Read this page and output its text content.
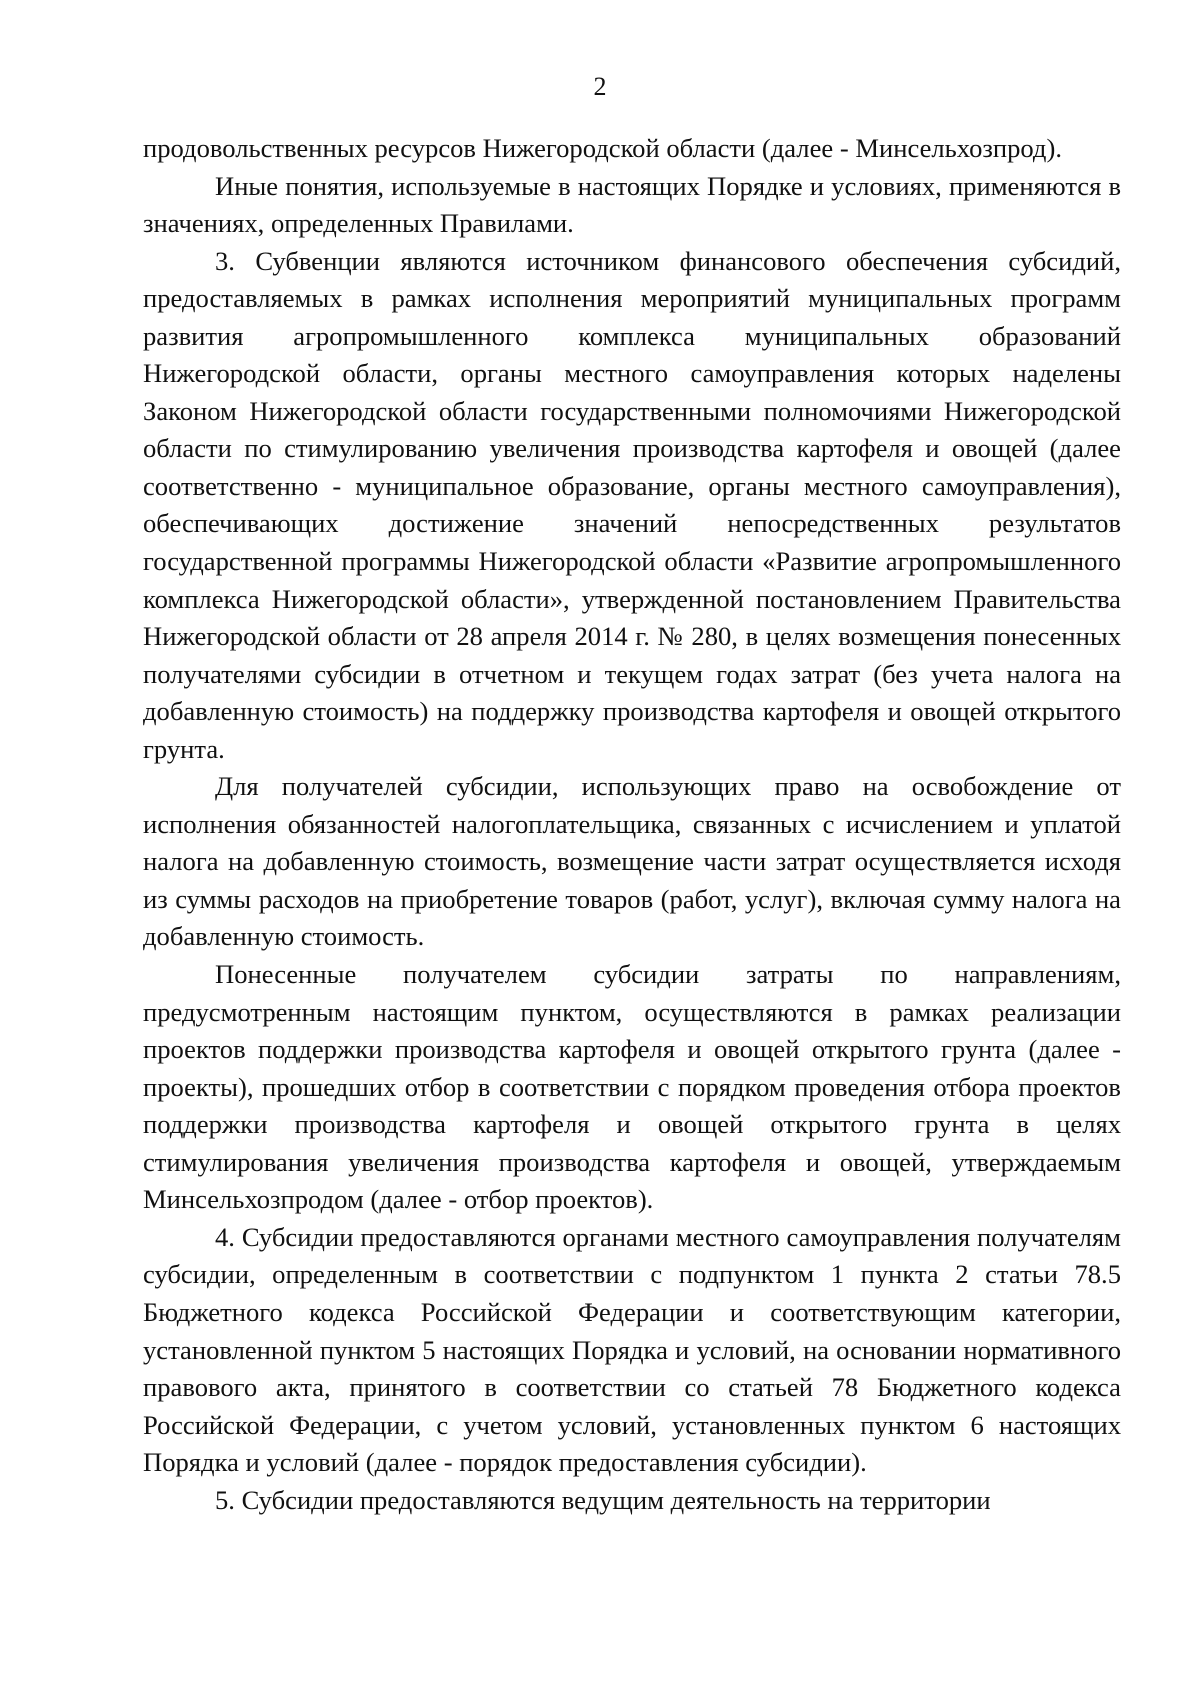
2

продовольственных ресурсов Нижегородской области (далее - Минсельхозпрод).

Иные понятия, используемые в настоящих Порядке и условиях, применяются в значениях, определенных Правилами.

3. Субвенции являются источником финансового обеспечения субсидий, предоставляемых в рамках исполнения мероприятий муниципальных программ развития агропромышленного комплекса муниципальных образований Нижегородской области, органы местного самоуправления которых наделены Законом Нижегородской области государственными полномочиями Нижегородской области по стимулированию увеличения производства картофеля и овощей (далее соответственно - муниципальное образование, органы местного самоуправления), обеспечивающих достижение значений непосредственных результатов государственной программы Нижегородской области «Развитие агропромышленного комплекса Нижегородской области», утвержденной постановлением Правительства Нижегородской области от 28 апреля 2014 г. № 280, в целях возмещения понесенных получателями субсидии в отчетном и текущем годах затрат (без учета налога на добавленную стоимость) на поддержку производства картофеля и овощей открытого грунта.

Для получателей субсидии, использующих право на освобождение от исполнения обязанностей налогоплательщика, связанных с исчислением и уплатой налога на добавленную стоимость, возмещение части затрат осуществляется исходя из суммы расходов на приобретение товаров (работ, услуг), включая сумму налога на добавленную стоимость.

Понесенные получателем субсидии затраты по направлениям, предусмотренным настоящим пунктом, осуществляются в рамках реализации проектов поддержки производства картофеля и овощей открытого грунта (далее - проекты), прошедших отбор в соответствии с порядком проведения отбора проектов поддержки производства картофеля и овощей открытого грунта в целях стимулирования увеличения производства картофеля и овощей, утверждаемым Минсельхозпродом (далее - отбор проектов).

4. Субсидии предоставляются органами местного самоуправления получателям субсидии, определенным в соответствии с подпунктом 1 пункта 2 статьи 78.5 Бюджетного кодекса Российской Федерации и соответствующим категории, установленной пунктом 5 настоящих Порядка и условий, на основании нормативного правового акта, принятого в соответствии со статьей 78 Бюджетного кодекса Российской Федерации, с учетом условий, установленных пунктом 6 настоящих Порядка и условий (далее - порядок предоставления субсидии).

5. Субсидии предоставляются ведущим деятельность на территории
